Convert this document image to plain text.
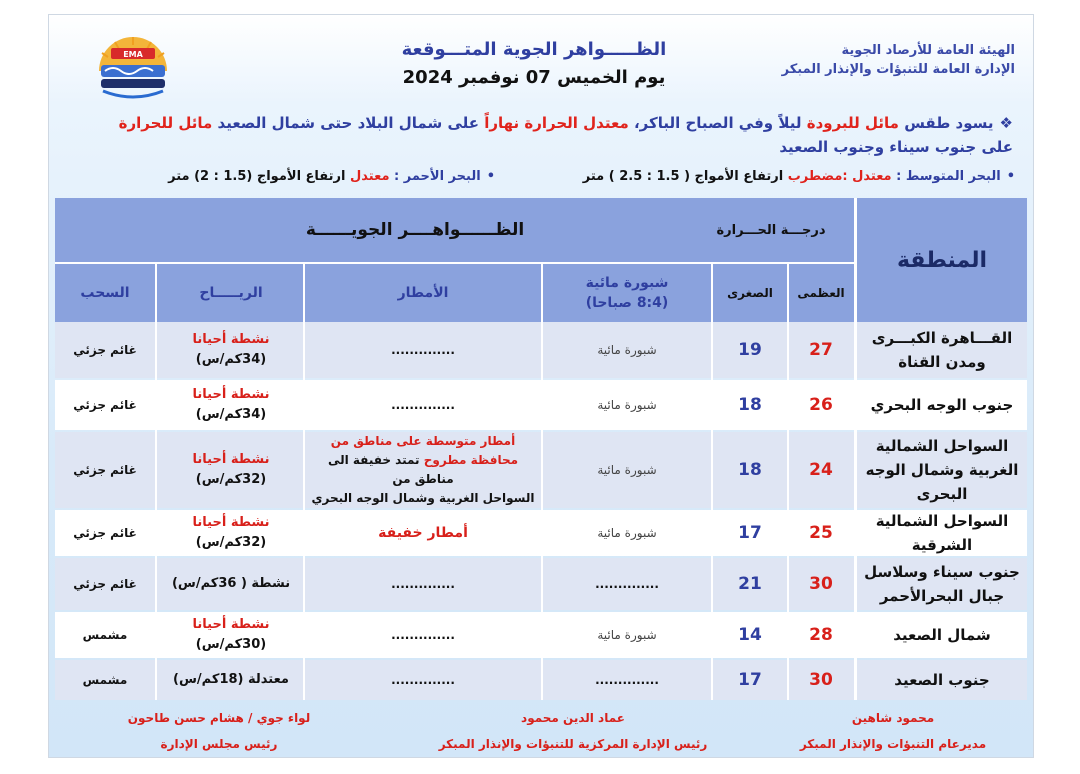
الهيئة العامة للأرصاد الجوية
الإدارة العامة للتنبؤات والإنذار المبكر
الظـــــواهر الجوية المتـــوقعة
يوم الخميس 07 نوفمبر 2024
EMA
❖يسود طقس مائل للبرودة ليلاً وفي الصباح الباكر، معتدل الحرارة نهاراً على شمال البلاد حتى شمال الصعيد مائل للحرارة على جنوب سيناء وجنوب الصعيد
•البحر المتوسط : معتدل :مضطرب ارتفاع الأمواج ( 1.5 : 2.5 ) متر
•البحر الأحمر : معتدل ارتفاع الأمواج (1.5 : 2) متر
المنطقة
درجـــة الحـــرارة
الظــــــواهــــر الجويــــــة
العظمى
الصغرى
شبورة مائية
(8:4 صباحا)
الأمطار
الريـــــاح
السحب
القـــاهرة الكبـــرى ومدن القناة
27
19
شبورة مائية
..............
نشطة أحيانا
(34كم/س)
غائم جزئي
جنوب الوجه البحري
26
18
شبورة مائية
..............
نشطة أحيانا
(34كم/س)
غائم جزئي
السواحل الشمالية الغربية وشمال الوجه البحرى
24
18
شبورة مائية
أمطار متوسطة على مناطق من
محافظة مطروح تمتد خفيفة الى مناطق من
السواحل الغربية وشمال الوجه البحري
نشطة أحيانا
(32كم/س)
غائم جزئي
السواحل الشمالية الشرقية
25
17
شبورة مائية
أمطار خفيفة
نشطة أحيانا
(32كم/س)
غائم جزئي
جنوب سيناء وسلاسل جبال البحرالأحمر
30
21
..............
..............
نشطة ( 36كم/س)
غائم جزئي
شمال الصعيد
28
14
شبورة مائية
..............
نشطة أحيانا
(30كم/س)
مشمس
جنوب الصعيد
30
17
..............
..............
معتدلة (18كم/س)
مشمس
محمود شاهين
مديرعام التنبؤات والإنذار المبكر
عماد الدين محمود
رئيس الإدارة المركزية للتنبؤات والإنذار المبكر
لواء جوي / هشام حسن طاحون
رئيس مجلس الإدارة
